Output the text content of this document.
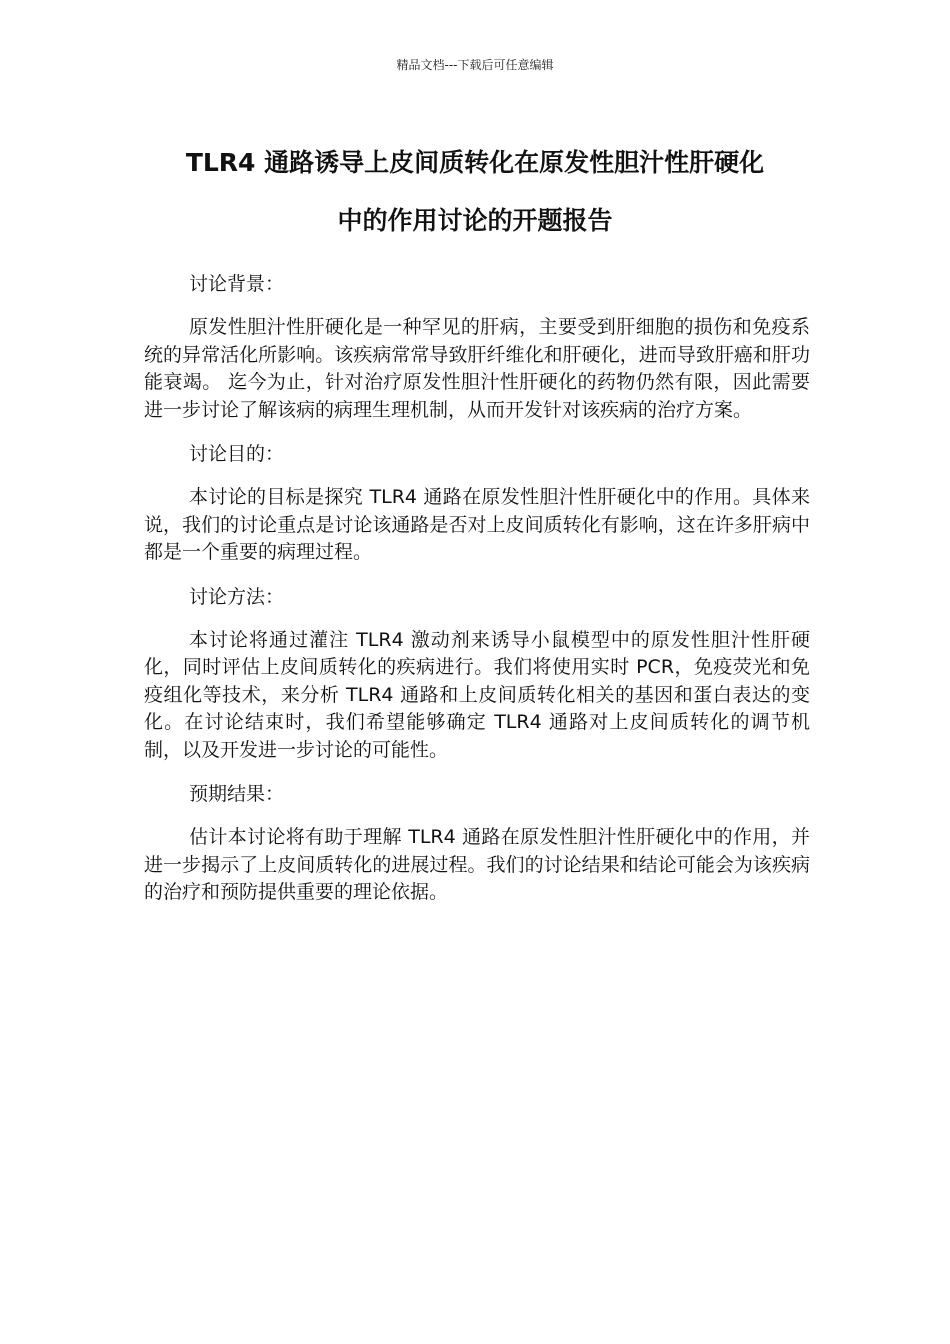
精品文档---下载后可任意编辑
TLR4 通路诱导上皮间质转化在原发性胆汁性肝硬化
中的作用讨论的开题报告
讨论背景：

原发性胆汁性肝硬化是一种罕见的肝病，主要受到肝细胞的损伤和免疫系统的异常活化所影响。该疾病常常导致肝纤维化和肝硬化，进而导致肝癌和肝功能衰竭。 迄今为止，针对治疗原发性胆汁性肝硬化的药物仍然有限，因此需要进一步讨论了解该病的病理生理机制，从而开发针对该疾病的治疗方案。

讨论目的：

本讨论的目标是探究 TLR4 通路在原发性胆汁性肝硬化中的作用。具体来说，我们的讨论重点是讨论该通路是否对上皮间质转化有影响，这在许多肝病中都是一个重要的病理过程。

讨论方法：

本讨论将通过灌注 TLR4 激动剂来诱导小鼠模型中的原发性胆汁性肝硬化，同时评估上皮间质转化的疾病进行。我们将使用实时 PCR，免疫荧光和免疫组化等技术，来分析 TLR4 通路和上皮间质转化相关的基因和蛋白表达的变化。在讨论结束时，我们希望能够确定 TLR4 通路对上皮间质转化的调节机制，以及开发进一步讨论的可能性。

预期结果：

估计本讨论将有助于理解 TLR4 通路在原发性胆汁性肝硬化中的作用，并进一步揭示了上皮间质转化的进展过程。我们的讨论结果和结论可能会为该疾病的治疗和预防提供重要的理论依据。
